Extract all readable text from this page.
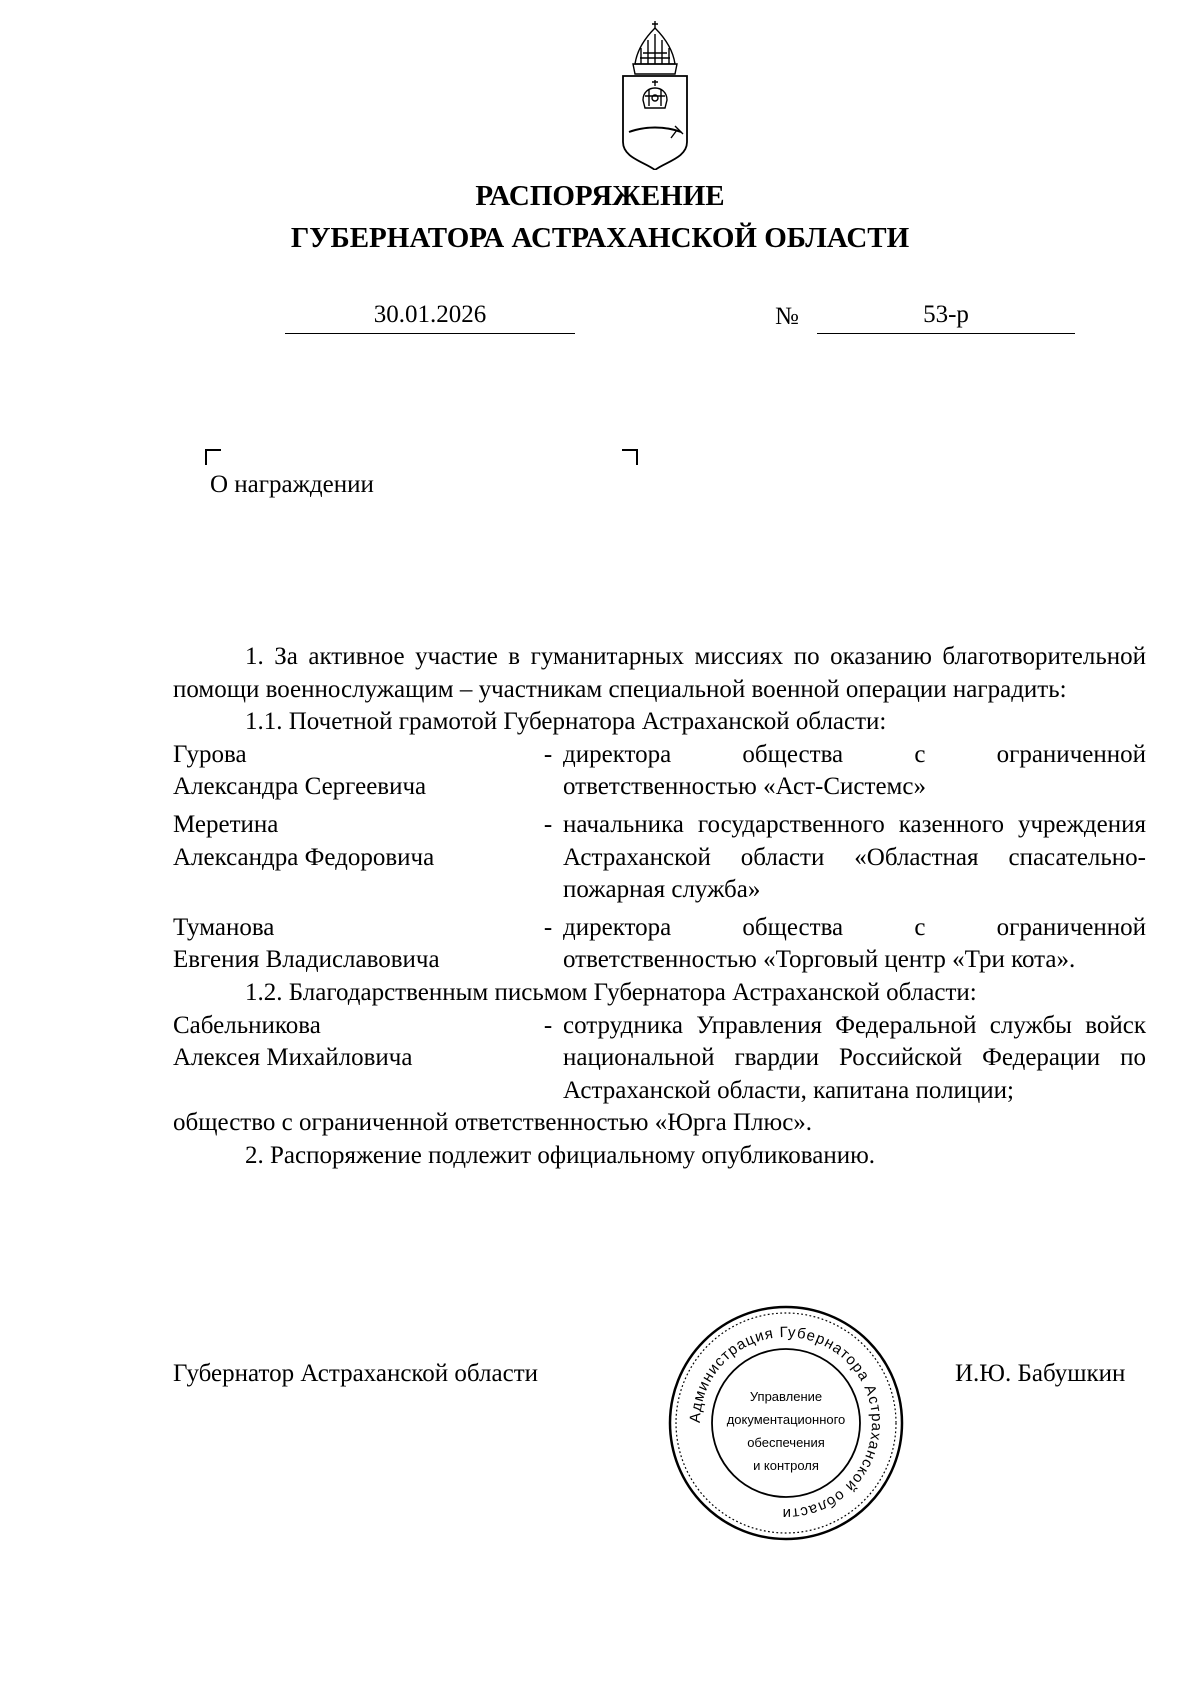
РАСПОРЯЖЕНИЕ
ГУБЕРНАТОРА АСТРАХАНСКОЙ ОБЛАСТИ
30.01.2026	№	53-р
О награждении

1. За активное участие в гуманитарных миссиях по оказанию благотворительной помощи военнослужащим – участникам специальной военной операции наградить:

1.1. Почетной грамотой Губернатора Астраханской области:

Гурова
Александра Сергеевича
- директора общества с ограниченной ответственностью «Аст-Системс»
Меретина
Александра Федоровича
- начальника государственного казенного учреждения Астраханской области «Областная спасательно-пожарная служба»
Туманова
Евгения Владиславовича
- директора общества с ограниченной ответственностью «Торговый центр «Три кота».

1.2. Благодарственным письмом Губернатора Астраханской области:

Сабельникова
Алексея Михайловича
- сотрудника Управления Федеральной службы войск национальной гвардии Российской Федерации по Астраханской области, капитана полиции;

общество с ограниченной ответственностью «Юрга Плюс».

2. Распоряжение подлежит официальному опубликованию.

Губернатор Астраханской области	И.Ю. Бабушкин
Администрация Губернатора Астраханской области
Управление
документационного
обеспечения
и контроля
